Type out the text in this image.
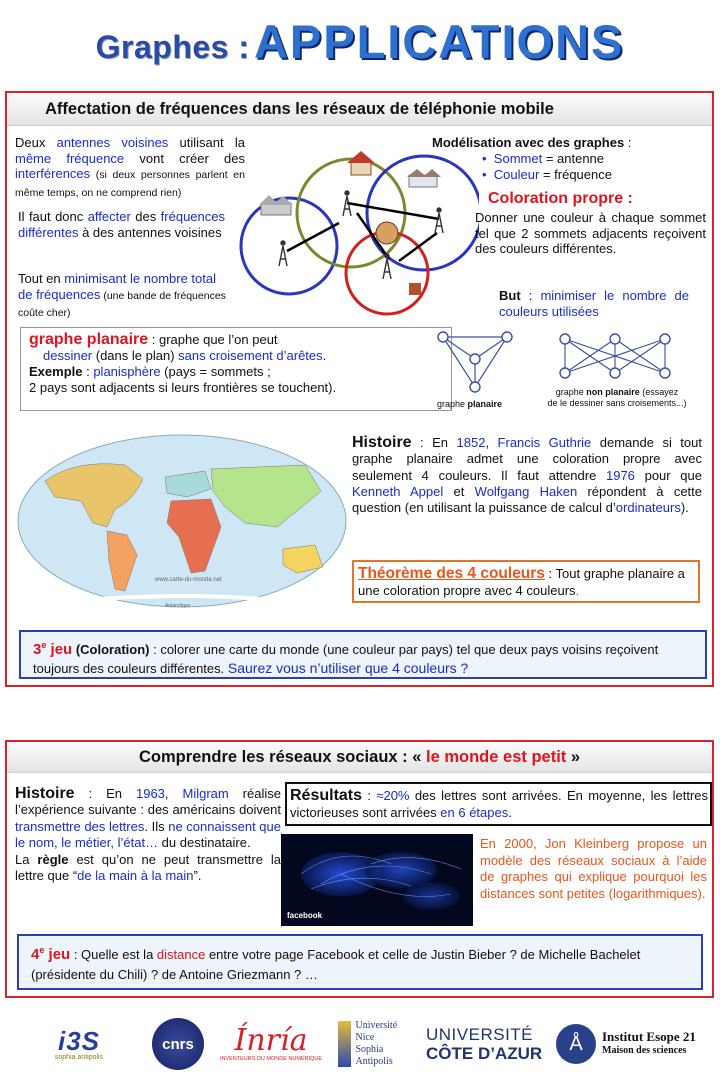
Graphes : APPLICATIONS
Affectation de fréquences dans les réseaux de téléphonie mobile
Deux antennes voisines utilisant la même fréquence vont créer des interférences (si deux personnes parlent en même temps, on ne comprend rien)
Il faut donc affecter des fréquences différentes à des antennes voisines
Tout en minimisant le nombre total de fréquences (une bande de fréquences coûte cher)
Modélisation avec des graphes :
• Sommet = antenne
• Couleur = fréquence
Coloration propre :
Donner une couleur à chaque sommet tel que 2 sommets adjacents reçoivent des couleurs différentes.
But : minimiser le nombre de couleurs utilisées
graphe planaire : graphe que l’on peut
dessiner (dans le plan) sans croisement d’arêtes.
Exemple : planisphère (pays = sommets ;
2 pays sont adjacents si leurs frontières se touchent).
graphe planaire
graphe non planaire (essayez
de le dessiner sans croisements...)
Antarctique
www.carte-du-monde.net
Histoire : En 1852, Francis Guthrie demande si tout graphe planaire admet une coloration propre avec seulement 4 couleurs. Il faut attendre 1976 pour que Kenneth Appel et Wolfgang Haken répondent à cette question (en utilisant la puissance de calcul d’ordinateurs).
Théorème des 4 couleurs : Tout graphe planaire a une coloration propre avec 4 couleurs.
3e jeu (Coloration) : colorer une carte du monde (une couleur par pays) tel que deux pays voisins reçoivent toujours des couleurs différentes. Saurez vous n’utiliser que 4 couleurs ?
Comprendre les réseaux sociaux : « le monde est petit »
Histoire : En 1963, Milgram réalise l’expérience suivante : des américains doivent transmettre des lettres. Ils ne connaissent que le nom, le métier, l’état… du destinataire.
La règle est qu’on ne peut transmettre la lettre que “de la main à la main”.
Résultats : ≈20% des lettres sont arrivées. En moyenne, les lettres victorieuses sont arrivées en 6 étapes.
facebook
En 2000, Jon Kleinberg propose un modèle des réseaux sociaux à l’aide de graphes qui explique pourquoi les distances sont petites (logarithmiques).
4e jeu : Quelle est la distance entre votre page Facebook et celle de Justin Bieber ? de Michelle Bachelet (présidente du Chili) ? de Antoine Griezmann ? …
i3S
sophia antipolis
cnrs	Ínría
INVENTEURS DU MONDE NUMÉRIQUE
Université
Nice
Sophia Antipolis
UNIVERSITÉ
CÔTE D’AZUR	Å	Institut Esope 21
Maison des sciences
